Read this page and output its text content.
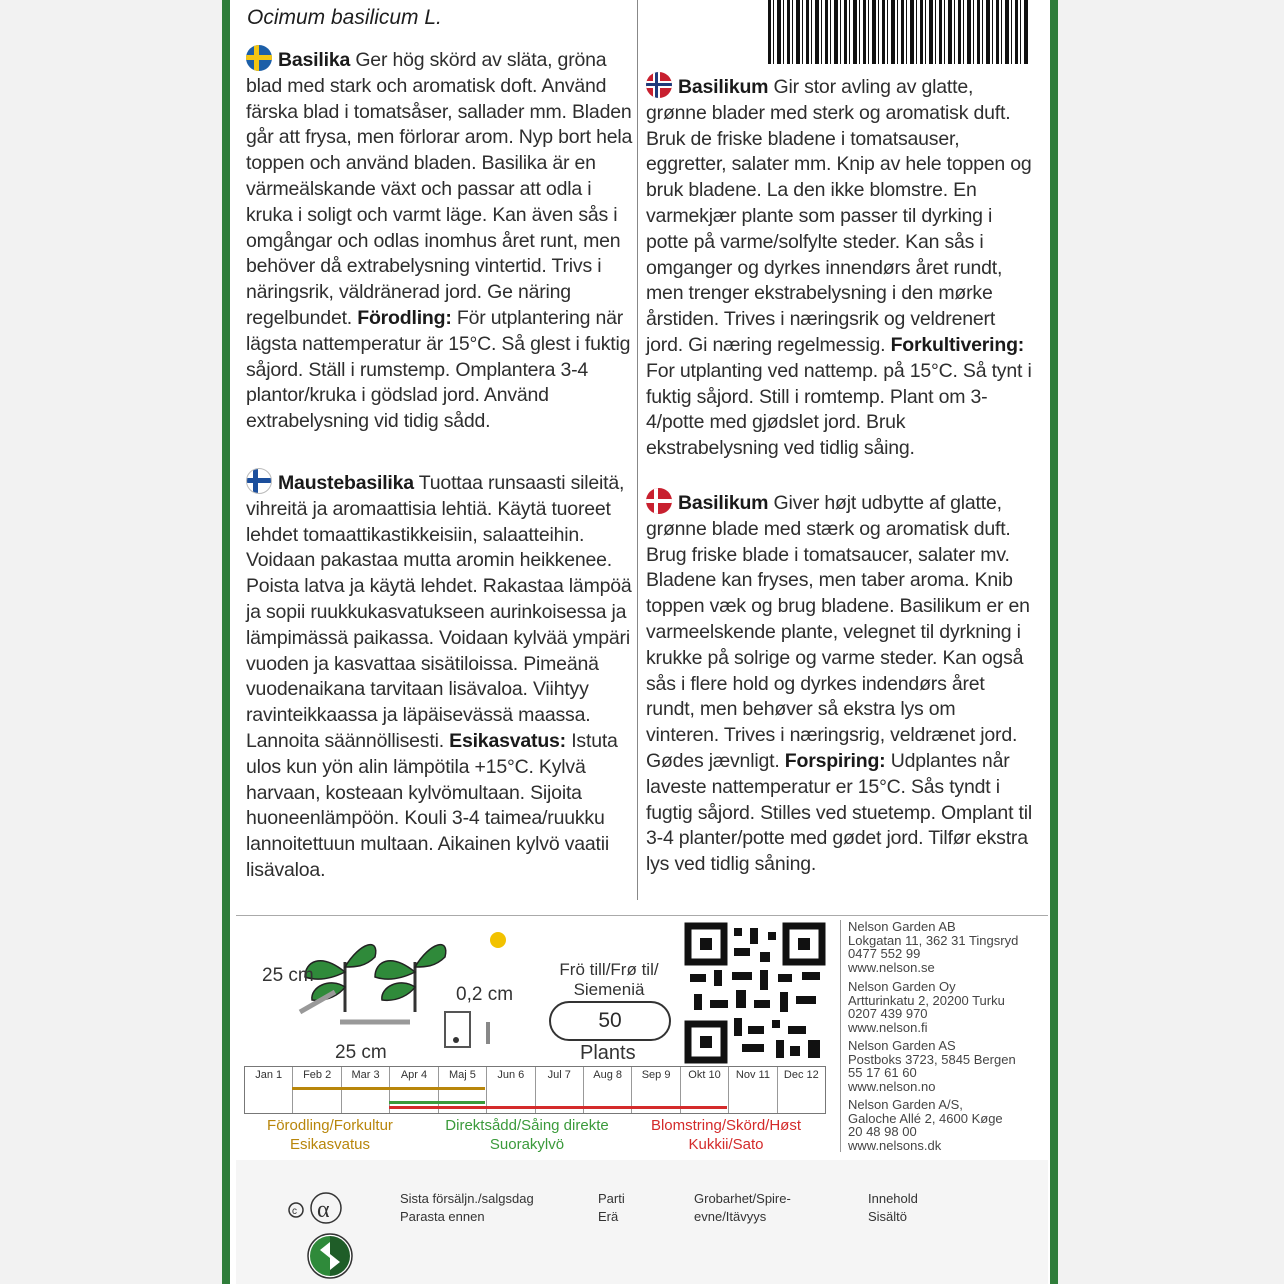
Ocimum basilicum L.
Basilika Ger hög skörd av släta, gröna blad med stark och aromatisk doft. Använd färska blad i tomatsåser, sallader mm. Bladen går att frysa, men förlorar arom. Nyp bort hela toppen och använd bladen. Basilika är en värmeälskande växt och passar att odla i kruka i soligt och varmt läge. Kan även sås i omgångar och odlas inomhus året runt, men behöver då extrabelysning vintertid. Trivs i näringsrik, väldränerad jord. Ge näring regelbundet. Förodling: För utplantering när lägsta nattemperatur är 15°C. Så glest i fuktig såjord. Ställ i rumstemp. Omplantera 3-4 plantor/kruka i gödslad jord. Använd extrabelysning vid tidig sådd.
Maustebasilika Tuottaa runsaasti sileitä, vihreitä ja aromaattisia lehtiä. Käytä tuoreet lehdet tomaattikastikkeisiin, salaatteihin. Voidaan pakastaa mutta aromin heikkenee. Poista latva ja käytä lehdet. Rakastaa lämpöä ja sopii ruukkukasvatukseen aurinkoisessa ja lämpimässä paikassa. Voidaan kylvää ympäri vuoden ja kasvattaa sisätiloissa. Pimeänä vuodenaikana tarvitaan lisävaloa. Viihtyy ravinteikkaassa ja läpäisevässä maassa. Lannoita säännöllisesti. Esikasvatus: Istuta ulos kun yön alin lämpötila +15°C. Kylvä harvaan, kosteaan kylvömultaan. Sijoita huoneenlämpöön. Kouli 3-4 taimea/ruukku lannoitettuun multaan. Aikainen kylvö vaatii lisävaloa.
Basilikum Gir stor avling av glatte, grønne blader med sterk og aromatisk duft. Bruk de friske bladene i tomatsauser, eggretter, salater mm. Knip av hele toppen og bruk bladene. La den ikke blomstre. En varmekjær plante som passer til dyrking i potte på varme/solfylte steder. Kan sås i omganger og dyrkes innendørs året rundt, men trenger ekstrabelysning i den mørke årstiden. Trives i næringsrik og veldrenert jord. Gi næring regelmessig. Forkultivering: For utplanting ved nattemp. på 15°C. Så tynt i fuktig såjord. Still i romtemp. Plant om 3-4/potte med gjødslet jord. Bruk ekstrabelysning ved tidlig såing.
Basilikum Giver højt udbytte af glatte, grønne blade med stærk og aromatisk duft. Brug friske blade i tomatsaucer, salater mv. Bladene kan fryses, men taber aroma. Knib toppen væk og brug bladene. Basilikum er en varmeelskende plante, velegnet til dyrkning i krukke på solrige og varme steder. Kan også sås i flere hold og dyrkes indendørs året rundt, men behøver så ekstra lys om vinteren. Trives i næringsrig, veldrænet jord. Gødes jævnligt. Forspiring: Udplantes når laveste nattemperatur er 15°C. Sås tyndt i fugtig såjord. Stilles ved stuetemp. Omplant til 3-4 planter/potte med gødet jord. Tilfør ekstra lys ved tidlig såning.
25 cm
25 cm
0,2 cm
Frö till/Frø til/
Siemeniä
50
Plants
Jan 1	Feb 2	Mar 3	Apr 4	Maj 5	Jun 6	Jul 7	Aug 8	Sep 9	Okt 10	Nov 11	Dec 12
Förodling/Forkultur
Esikasvatus
Direktsådd/Såing direkte
Suorakylvö
Blomstring/Skörd/Høst
Kukkii/Sato
Nelson Garden AB
Lokgatan 11, 362 31 Tingsryd
0477 552 99
www.nelson.se
Nelson Garden Oy
Artturinkatu 2, 20200 Turku
0207 439 970
www.nelson.fi
Nelson Garden AS
Postboks 3723, 5845 Bergen
55 17 61 60
www.nelson.no
Nelson Garden A/S,
Galoche Allé 2, 4600 Køge
20 48 98 00
www.nelsons.dk
c α	Sista försäljn./salgsdag
Parasta ennen
Parti
Erä
Grobarhet/Spire-
evne/Itävyys
Innehold
Sisältö
